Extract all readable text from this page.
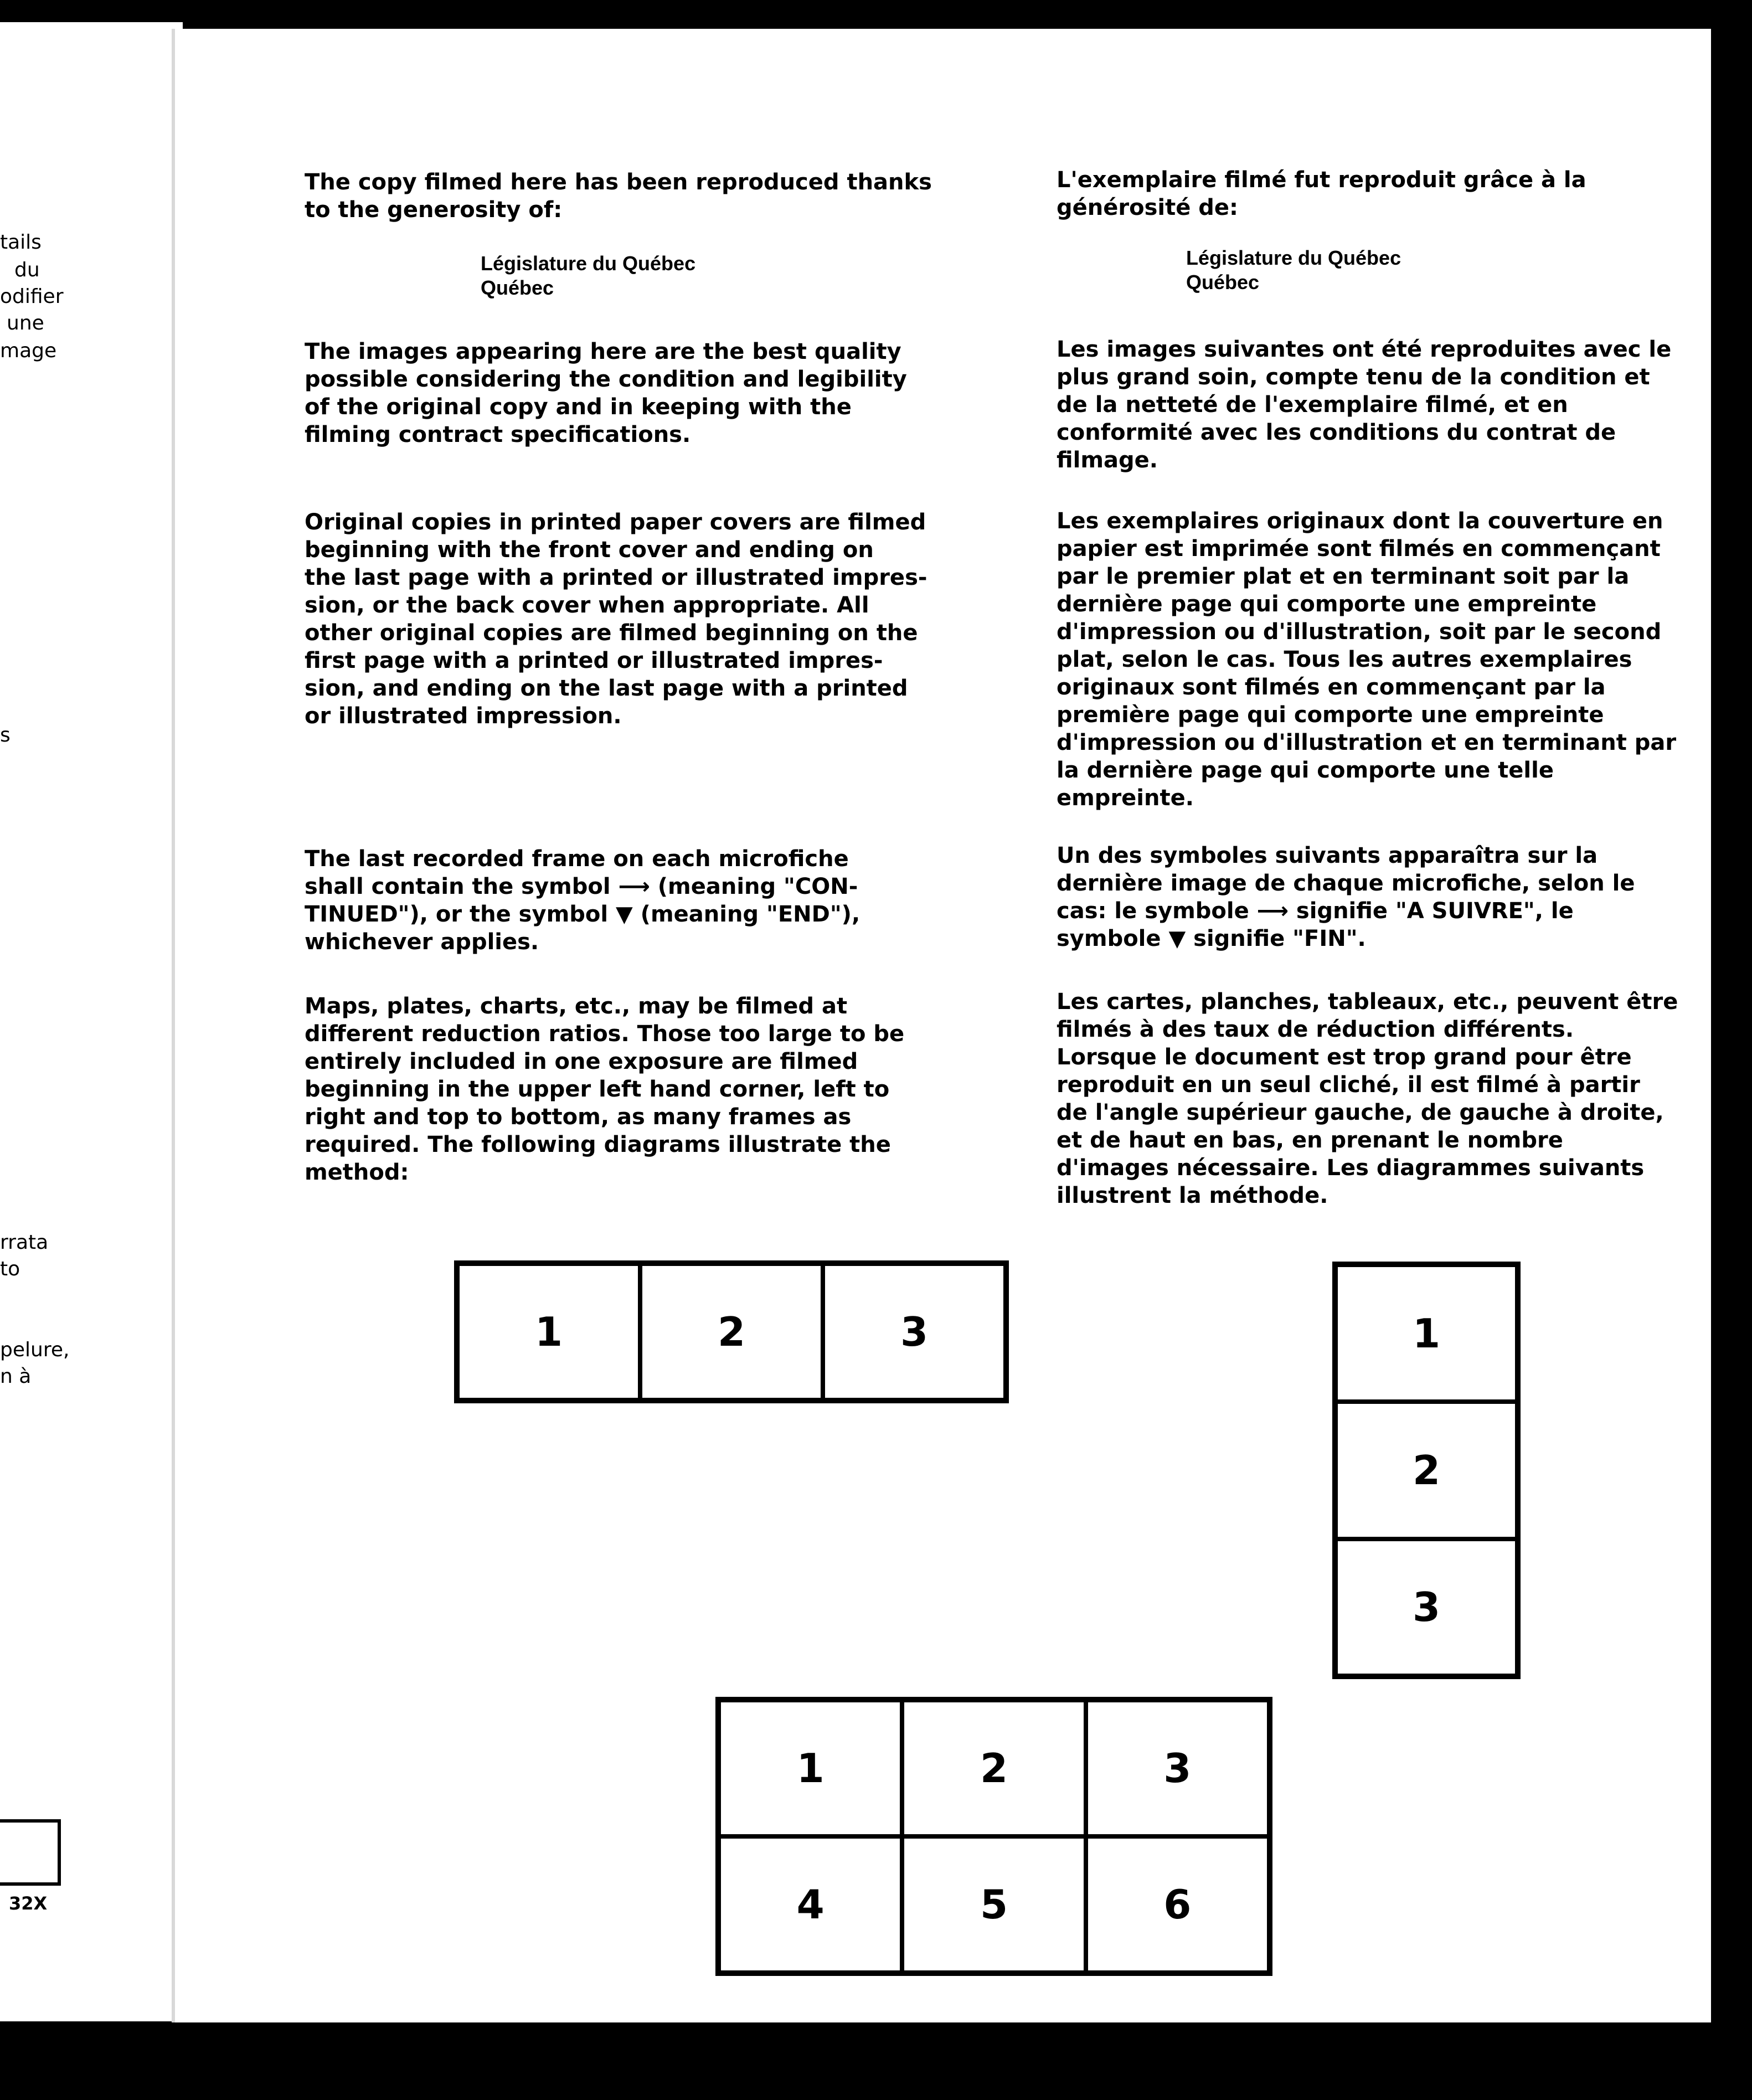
tails
du
odifier
une
mage
s
rrata
to
pelure,
n à
32X

The copy filmed here has been reproduced thanks
to the generosity of:

Législature du Québec
Québec

The images appearing here are the best quality
possible considering the condition and legibility
of the original copy and in keeping with the
filming contract specifications.

Original copies in printed paper covers are filmed
beginning with the front cover and ending on
the last page with a printed or illustrated impres-
sion, or the back cover when appropriate. All
other original copies are filmed beginning on the
first page with a printed or illustrated impres-
sion, and ending on the last page with a printed
or illustrated impression.

The last recorded frame on each microfiche
shall contain the symbol ⟶ (meaning "CON-
TINUED"), or the symbol ▼ (meaning "END"),
whichever applies.

Maps, plates, charts, etc., may be filmed at
different reduction ratios. Those too large to be
entirely included in one exposure are filmed
beginning in the upper left hand corner, left to
right and top to bottom, as many frames as
required. The following diagrams illustrate the
method:

L'exemplaire filmé fut reproduit grâce à la
générosité de:

Législature du Québec
Québec

Les images suivantes ont été reproduites avec le
plus grand soin, compte tenu de la condition et
de la netteté de l'exemplaire filmé, et en
conformité avec les conditions du contrat de
filmage.

Les exemplaires originaux dont la couverture en
papier est imprimée sont filmés en commençant
par le premier plat et en terminant soit par la
dernière page qui comporte une empreinte
d'impression ou d'illustration, soit par le second
plat, selon le cas. Tous les autres exemplaires
originaux sont filmés en commençant par la
première page qui comporte une empreinte
d'impression ou d'illustration et en terminant par
la dernière page qui comporte une telle
empreinte.

Un des symboles suivants apparaîtra sur la
dernière image de chaque microfiche, selon le
cas: le symbole ⟶ signifie "A SUIVRE", le
symbole ▼ signifie "FIN".

Les cartes, planches, tableaux, etc., peuvent être
filmés à des taux de réduction différents.
Lorsque le document est trop grand pour être
reproduit en un seul cliché, il est filmé à partir
de l'angle supérieur gauche, de gauche à droite,
et de haut en bas, en prenant le nombre
d'images nécessaire. Les diagrammes suivants
illustrent la méthode.

1	2	3	1
2
3
1	2	3
4	5	6
